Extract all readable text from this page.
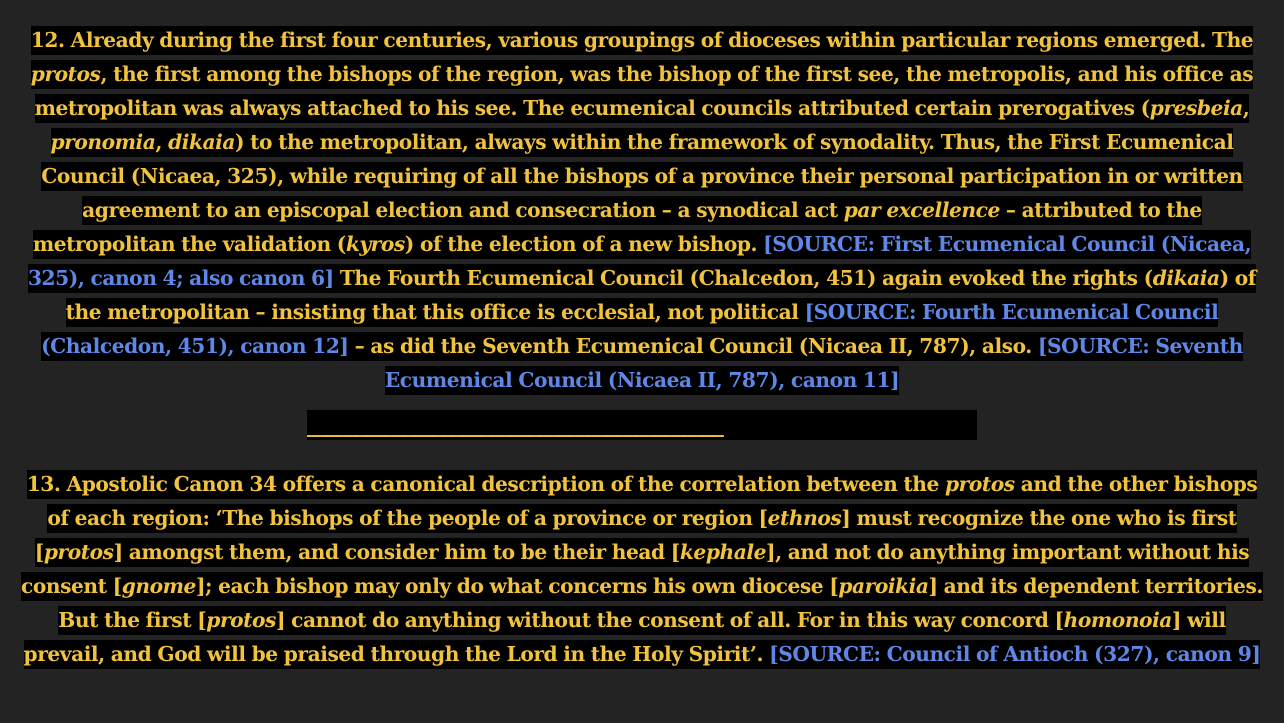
12. Already during the first four centuries, various groupings of dioceses within particular regions emerged. The protos, the first among the bishops of the region, was the bishop of the first see, the metropolis, and his office as metropolitan was always attached to his see. The ecumenical councils attributed certain prerogatives (presbeia, pronomia, dikaia) to the metropolitan, always within the framework of synodality. Thus, the First Ecumenical Council (Nicaea, 325), while requiring of all the bishops of a province their personal participation in or written agreement to an episcopal election and consecration – a synodical act par excellence – attributed to the metropolitan the validation (kyros) of the election of a new bishop. [SOURCE: First Ecumenical Council (Nicaea, 325), canon 4; also canon 6] The Fourth Ecumenical Council (Chalcedon, 451) again evoked the rights (dikaia) of the metropolitan – insisting that this office is ecclesial, not political [SOURCE: Fourth Ecumenical Council (Chalcedon, 451), canon 12] – as did the Seventh Ecumenical Council (Nicaea II, 787), also. [SOURCE: Seventh Ecumenical Council (Nicaea II, 787), canon 11]
___________________________________________
13. Apostolic Canon 34 offers a canonical description of the correlation between the protos and the other bishops of each region: ‘The bishops of the people of a province or region [ethnos] must recognize the one who is first [protos] amongst them, and consider him to be their head [kephale], and not do anything important without his consent [gnome]; each bishop may only do what concerns his own diocese [paroikia] and its dependent territories. But the first [protos] cannot do anything without the consent of all. For in this way concord [homonoia] will prevail, and God will be praised through the Lord in the Holy Spirit’. [SOURCE: Council of Antioch (327), canon 9]
